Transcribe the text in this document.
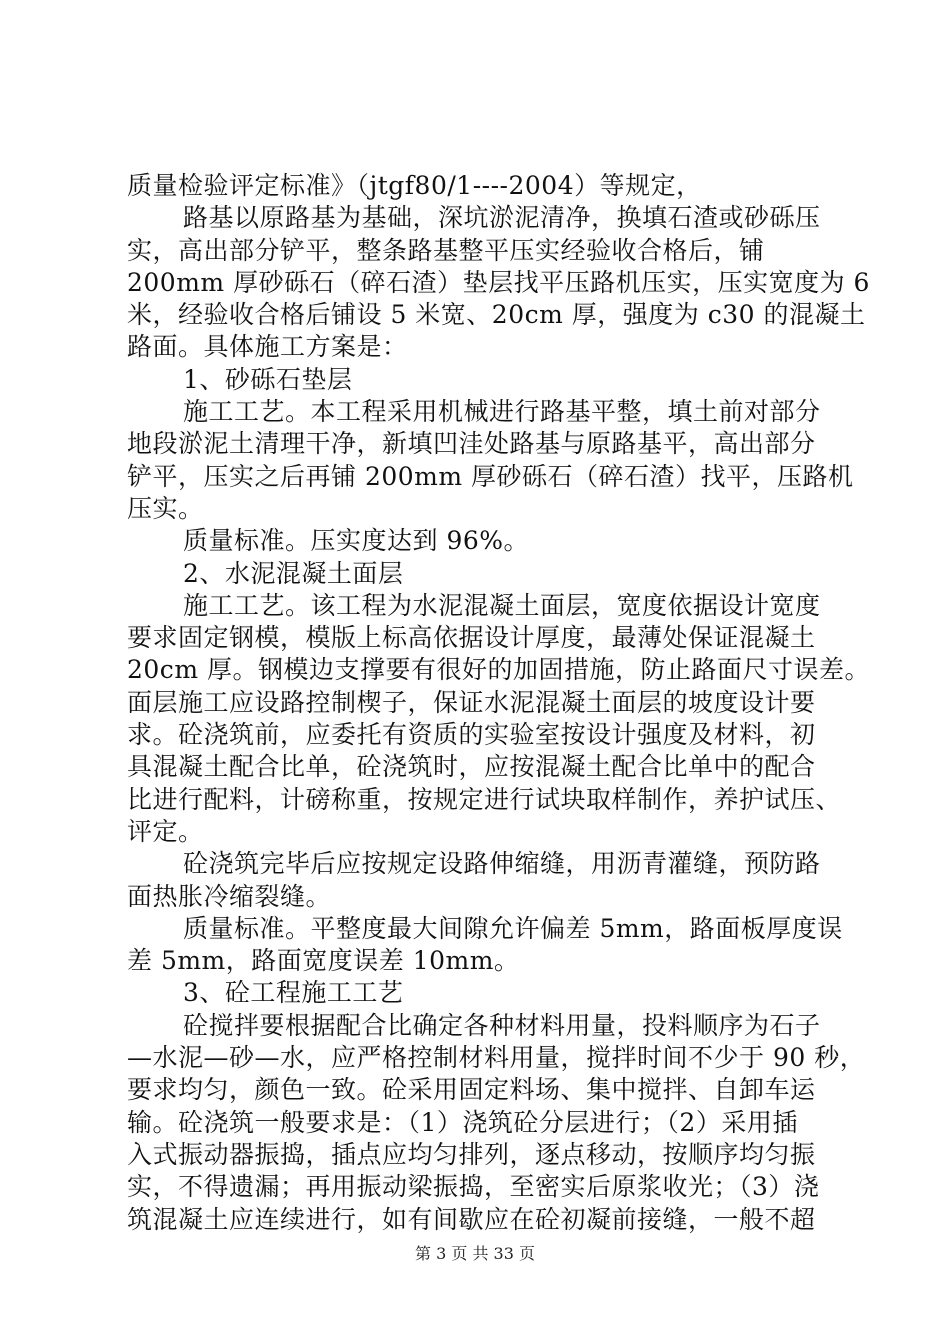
质量检验评定标准》（jtgf80/1----2004）等规定，
路基以原路基为基础，深坑淤泥清净，换填石渣或砂砾压
实，高出部分铲平，整条路基整平压实经验收合格后，铺
200mm 厚砂砾石（碎石渣）垫层找平压路机压实，压实宽度为 6
米，经验收合格后铺设 5 米宽、20cm 厚，强度为 c30 的混凝土
路面。具体施工方案是：
1、砂砾石垫层
施工工艺。本工程采用机械进行路基平整，填土前对部分
地段淤泥土清理干净，新填凹洼处路基与原路基平，高出部分
铲平，压实之后再铺 200mm 厚砂砾石（碎石渣）找平，压路机
压实。
质量标准。压实度达到 96%。
2、水泥混凝土面层
施工工艺。该工程为水泥混凝土面层，宽度依据设计宽度
要求固定钢模，模版上标高依据设计厚度，最薄处保证混凝土
20cm 厚。钢模边支撑要有很好的加固措施，防止路面尺寸误差。
面层施工应设路控制楔子，保证水泥混凝土面层的坡度设计要
求。砼浇筑前，应委托有资质的实验室按设计强度及材料，初
具混凝土配合比单，砼浇筑时，应按混凝土配合比单中的配合
比进行配料，计磅称重，按规定进行试块取样制作，养护试压、
评定。
砼浇筑完毕后应按规定设路伸缩缝，用沥青灌缝，预防路
面热胀冷缩裂缝。
质量标准。平整度最大间隙允许偏差 5mm，路面板厚度误
差 5mm，路面宽度误差 10mm。
3、砼工程施工工艺
砼搅拌要根据配合比确定各种材料用量，投料顺序为石子
—水泥—砂—水，应严格控制材料用量，搅拌时间不少于 90 秒，
要求均匀，颜色一致。砼采用固定料场、集中搅拌、自卸车运
输。砼浇筑一般要求是：（1）浇筑砼分层进行；（2）采用插
入式振动器振捣，插点应均匀排列，逐点移动，按顺序均匀振
实，不得遗漏；再用振动梁振捣，至密实后原浆收光；（3）浇
筑混凝土应连续进行，如有间歇应在砼初凝前接缝，一般不超
第 3 页 共 33 页
